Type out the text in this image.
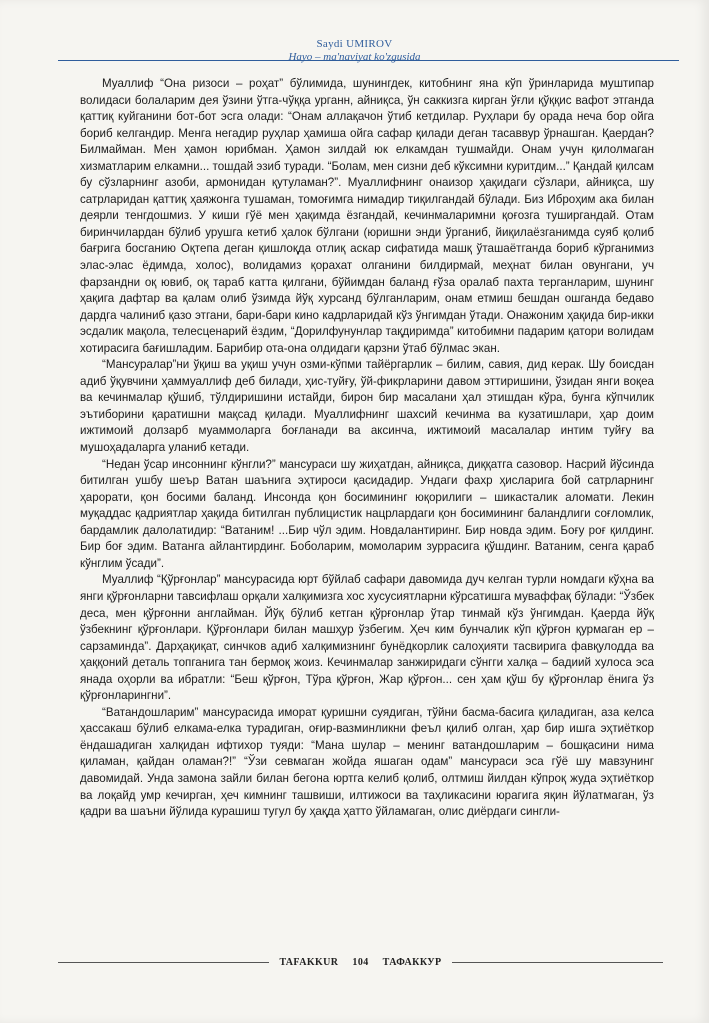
Saydi UMIROV
Hayo – ma'naviyat ko'zgusida

Муаллиф “Она ризоси – роҳат” бўлимида, шунингдек, китобнинг яна кўп ўринларида муштипар волидаси болаларим дея ўзини ўтга-чўққа урганн, айниқса, ўн саккизга кирган ўғли қўққис вафот этганда қаттиқ куйганини бот-бот эсга олади: “Онам аллақачон ўтиб кетдилар. Руҳлари бу орада неча бор ойга бориб келгандир. Менга негадир руҳлар ҳамиша ойга сафар қилади деган тасаввур ўрнашган. Қаердан? Билмайман. Мен ҳамон юрибман. Ҳамон зилдай юк елкамдан тушмайди. Онам учун қилолмаган хизматларим елкамни... тошдай эзиб туради. “Болам, мен сизни деб кўксимни куритдим...” Қандай қилсам бу сўзларнинг азоби, армонидан қутуламан?”. Муаллифнинг онаизор ҳақидаги сўзлари, айниқса, шу сатрларидан қаттиқ ҳаяжонга тушаман, томоғимга нимадир тиқилгандай бўлади. Биз Иброҳим ака билан деярли тенгдошмиз. У киши гўё мен ҳақимда ёзгандай, кечинмаларимни қоғозга туширгандай. Отам биринчилардан бўлиб урушга кетиб ҳалок бўлгани (юришни энди ўрганиб, йиқилаёзганимда суяб қолиб бағрига босганию Оқтепа деган қишлоқда отлиқ аскар сифатида машқ ўташаётганда бориб кўрганимиз элас-элас ёдимда, холос), волидамиз қорахат олганини билдирмай, меҳнат билан овунгани, уч фарзандни оқ ювиб, оқ тараб катта қилгани, бўйимдан баланд ғўза оралаб пахта терганларим, шунинг ҳақига дафтар ва қалам олиб ўзимда йўқ хурсанд бўлганларим, онам етмиш бешдан ошганда бедаво дардга чалиниб қазо этгани, бари-бари кино кадрларидай кўз ўнгимдан ўтади. Онажоним ҳақида бир-икки эсдалик мақола, телесценарий ёздим, “Дорилфунунлар тақдиримда” китобимни падарим қатори волидам хотирасига бағишладим. Барибир ота-она олдидаги қарзни ўтаб бўлмас экан.

“Мансуралар”ни ўқиш ва уқиш учун озми-кўпми тайёргарлик – билим, савия, дид керак. Шу боисдан адиб ўқувчини ҳаммуаллиф деб билади, ҳис-туйғу, ўй-фикрларини давом эттиришини, ўзидан янги воқеа ва кечинмалар қўшиб, тўлдиришини истайди, бирон бир масалани ҳал этишдан кўра, бунга кўпчилик эътиборини қаратишни мақсад қилади. Муаллифнинг шахсий кечинма ва кузатишлари, ҳар доим ижтимоий долзарб муаммоларга боғланади ва аксинча, ижтимоий масалалар интим туйғу ва мушоҳадаларга уланиб кетади.

“Недан ўсар инсоннинг кўнгли?” мансураси шу жиҳатдан, айниқса, диққатга сазовор. Насрий йўсинда битилган ушбу шеър Ватан шаънига эҳтироси қасидадир. Ундаги фахр ҳисларига бой сатрларнинг ҳарорати, қон босими баланд. Инсонда қон босимининг юқорилиги – шикасталик аломати. Лекин муқаддас қадриятлар ҳақида битилган публицистик нацрлардаги қон босимининг баландлиги соғломлик, бардамлик далолатидир: “Ватаним! ...Бир чўл эдим. Новдалантиринг. Бир новда эдим. Боғу роғ қилдинг. Бир боғ эдим. Ватанга айлантирдинг. Боболарим, момоларим зуррасига қўшдинг. Ватаним, сенга қараб кўнглим ўсади”.

Муаллиф “Қўрғонлар” мансурасида юрт бўйлаб сафари давомида дуч келган турли номдаги кўҳна ва янги қўрғонларни тавсифлаш орқали халқимизга хос хусусиятларни кўрсатишга муваффақ бўлади: “Ўзбек деса, мен қўрғонни англайман. Йўқ бўлиб кетган қўрғонлар ўтар тинмай кўз ўнгимдан. Қаерда йўқ ўзбекнинг қўрғонлари. Қўрғонлари билан машҳур ўзбегим. Ҳеч ким бунчалик кўп қўрғон қурмаган ер – сарзаминда”. Дарҳақиқат, синчков адиб халқимизнинг бунёдкорлик салоҳияти тасвирига фавқулодда ва ҳаққоний деталь топганига тан бермоқ жоиз. Кечинмалар занжиридаги сўнгги халқа – бадиий хулоса эса янада оҳорли ва ибратли: “Беш қўрғон, Тўра қўрғон, Жар қўрғон... сен ҳам қўш бу қўрғонлар ёнига ўз қўрғонларингни”.

“Ватандошларим” мансурасида иморат қуришни суядиган, тўйни басма-басига қиладиган, аза келса ҳассакаш бўлиб елкама-елка турадиган, оғир-вазминликни феъл қилиб олган, ҳар бир ишга эҳтиёткор ёндашадиган халқидан ифтихор туяди: “Мана шулар – менинг ватандошларим – бошқасини нима қиламан, қайдан оламан?!” “Ўзи севмаган жойда яшаган одам” мансураси эса гўё шу мавзунинг давомидай. Унда замона зайли билан бегона юртга келиб қолиб, олтмиш йилдан кўпроқ жуда эҳтиёткор ва лоқайд умр кечирган, ҳеч кимнинг ташвиши, илтижоси ва таҳликасини юрагига яқин йўлатмаган, ўз қадри ва шаъни йўлида курашиш тугул бу ҳақда ҳатто ўйламаган, олис диёрдаги сингли-

TAFAKKUR	104	ТАФАККУР
